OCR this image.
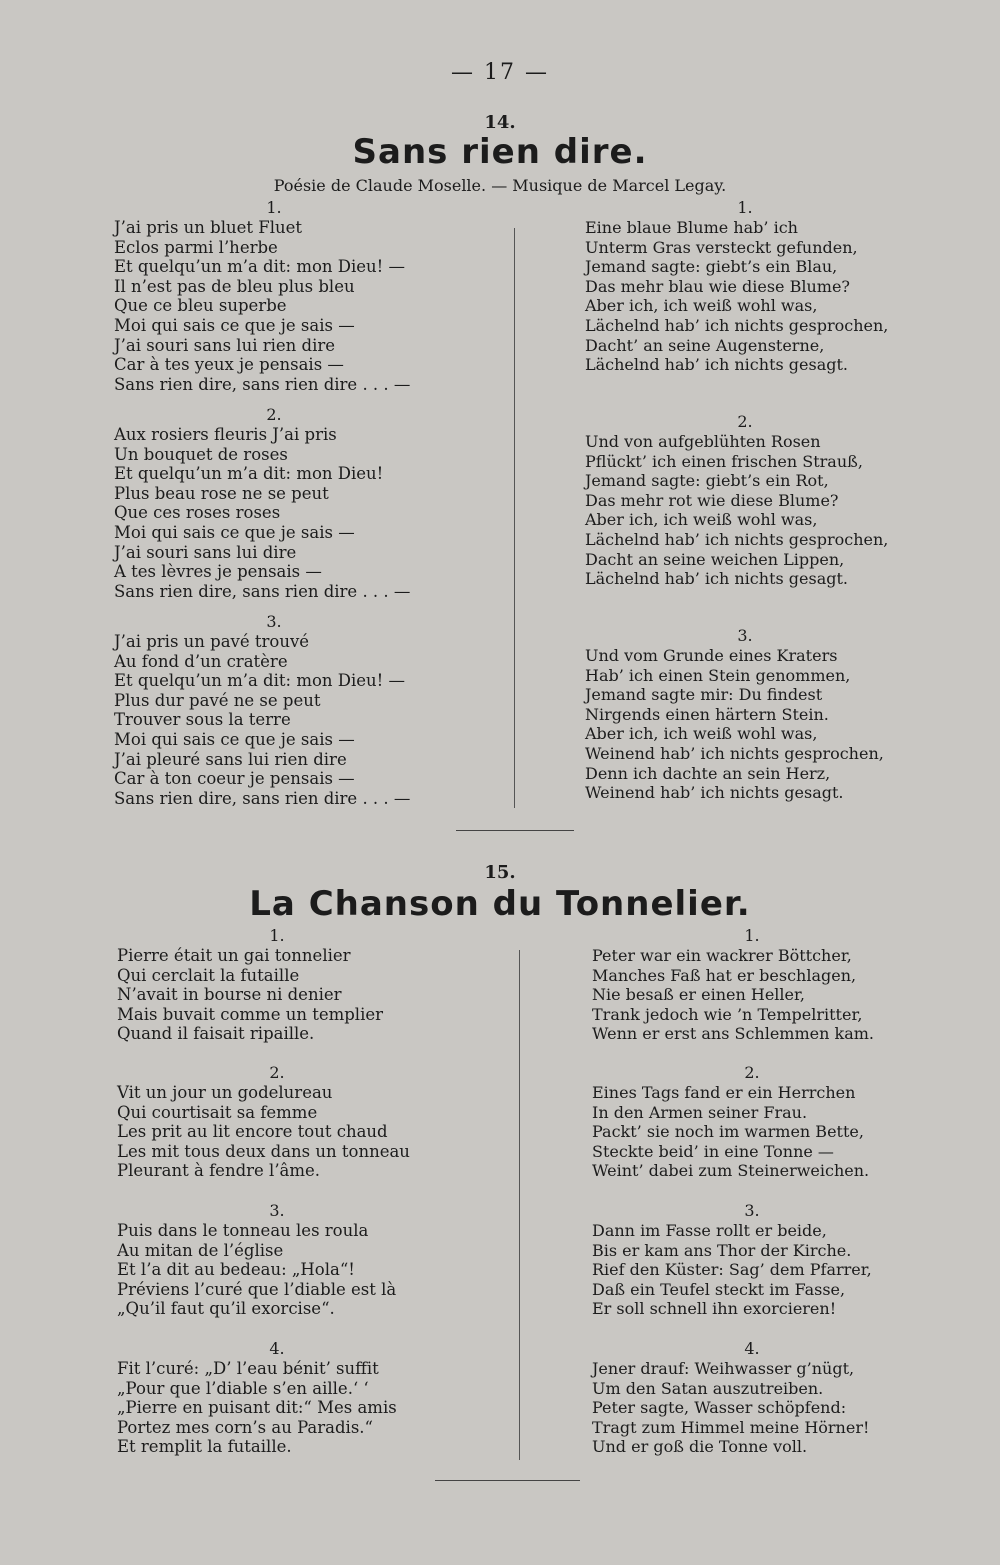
— 17 —
14.
Sans rien dire.
Poésie de Claude Moselle. — Musique de Marcel Legay.
1.
J’ai pris un bluet Fluet
Eclos parmi l’herbe
Et quelqu’un m’a dit: mon Dieu! —
Il n’est pas de bleu plus bleu
Que ce bleu superbe
Moi qui sais ce que je sais —
J’ai souri sans lui rien dire
Car à tes yeux je pensais —
Sans rien dire, sans rien dire . . . —
2.
Aux rosiers fleuris J’ai pris
Un bouquet de roses
Et quelqu’un m’a dit: mon Dieu!
Plus beau rose ne se peut
Que ces roses roses
Moi qui sais ce que je sais —
J’ai souri sans lui dire
A tes lèvres je pensais —
Sans rien dire, sans rien dire . . . —
3.
J’ai pris un pavé trouvé
Au fond d’un cratère
Et quelqu’un m’a dit: mon Dieu! —
Plus dur pavé ne se peut
Trouver sous la terre
Moi qui sais ce que je sais —
J’ai pleuré sans lui rien dire
Car à ton coeur je pensais —
Sans rien dire, sans rien dire . . . —
1.
Eine blaue Blume hab’ ich
Unterm Gras versteckt gefunden,
Jemand sagte: giebt’s ein Blau,
Das mehr blau wie diese Blume?
Aber ich, ich weiß wohl was,
Lächelnd hab’ ich nichts gesprochen,
Dacht’ an seine Augensterne,
Lächelnd hab’ ich nichts gesagt.
2.
Und von aufgeblühten Rosen
Pflückt’ ich einen frischen Strauß,
Jemand sagte: giebt’s ein Rot,
Das mehr rot wie diese Blume?
Aber ich, ich weiß wohl was,
Lächelnd hab’ ich nichts gesprochen,
Dacht an seine weichen Lippen,
Lächelnd hab’ ich nichts gesagt.
3.
Und vom Grunde eines Kraters
Hab’ ich einen Stein genommen,
Jemand sagte mir: Du findest
Nirgends einen härtern Stein.
Aber ich, ich weiß wohl was,
Weinend hab’ ich nichts gesprochen,
Denn ich dachte an sein Herz,
Weinend hab’ ich nichts gesagt.
15.
La Chanson du Tonnelier.
1.
Pierre était un gai tonnelier
Qui cerclait la futaille
N’avait in bourse ni denier
Mais buvait comme un templier
Quand il faisait ripaille.
2.
Vit un jour un godelureau
Qui courtisait sa femme
Les prit au lit encore tout chaud
Les mit tous deux dans un tonneau
Pleurant à fendre l’âme.
3.
Puis dans le tonneau les roula
Au mitan de l’église
Et l’a dit au bedeau: „Hola“!
Préviens l’curé que l’diable est là
„Qu’il faut qu’il exorcise“.
4.
Fit l’curé: „D’ l’eau bénit’ suffit
„Pour que l’diable s’en aille.‘ ‘
„Pierre en puisant dit:“ Mes amis
Portez mes corn’s au Paradis.“
Et remplit la futaille.
1.
Peter war ein wackrer Böttcher,
Manches Faß hat er beschlagen,
Nie besaß er einen Heller,
Trank jedoch wie ’n Tempelritter,
Wenn er erst ans Schlemmen kam.
2.
Eines Tags fand er ein Herrchen
In den Armen seiner Frau.
Packt’ sie noch im warmen Bette,
Steckte beid’ in eine Tonne —
Weint’ dabei zum Steinerweichen.
3.
Dann im Fasse rollt er beide,
Bis er kam ans Thor der Kirche.
Rief den Küster: Sag’ dem Pfarrer,
Daß ein Teufel steckt im Fasse,
Er soll schnell ihn exorcieren!
4.
Jener drauf: Weihwasser g’nügt,
Um den Satan auszutreiben.
Peter sagte, Wasser schöpfend:
Tragt zum Himmel meine Hörner!
Und er goß die Tonne voll.
